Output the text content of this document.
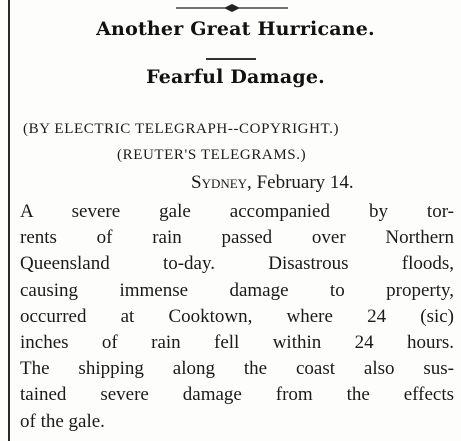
Another Great Hurricane.
Fearful Damage.
(BY ELECTRIC TELEGRAPH--COPYRIGHT.)
(REUTER'S TELEGRAMS.)
Sydney, February 14.
A severe gale accompanied by tor-
rents of rain passed over Northern
Queensland to-day. Disastrous floods,
causing immense damage to property,
occurred at Cooktown, where 24 (sic)
inches of rain fell within 24 hours.
The shipping along the coast also sus-
tained severe damage from the effects
of the gale.
